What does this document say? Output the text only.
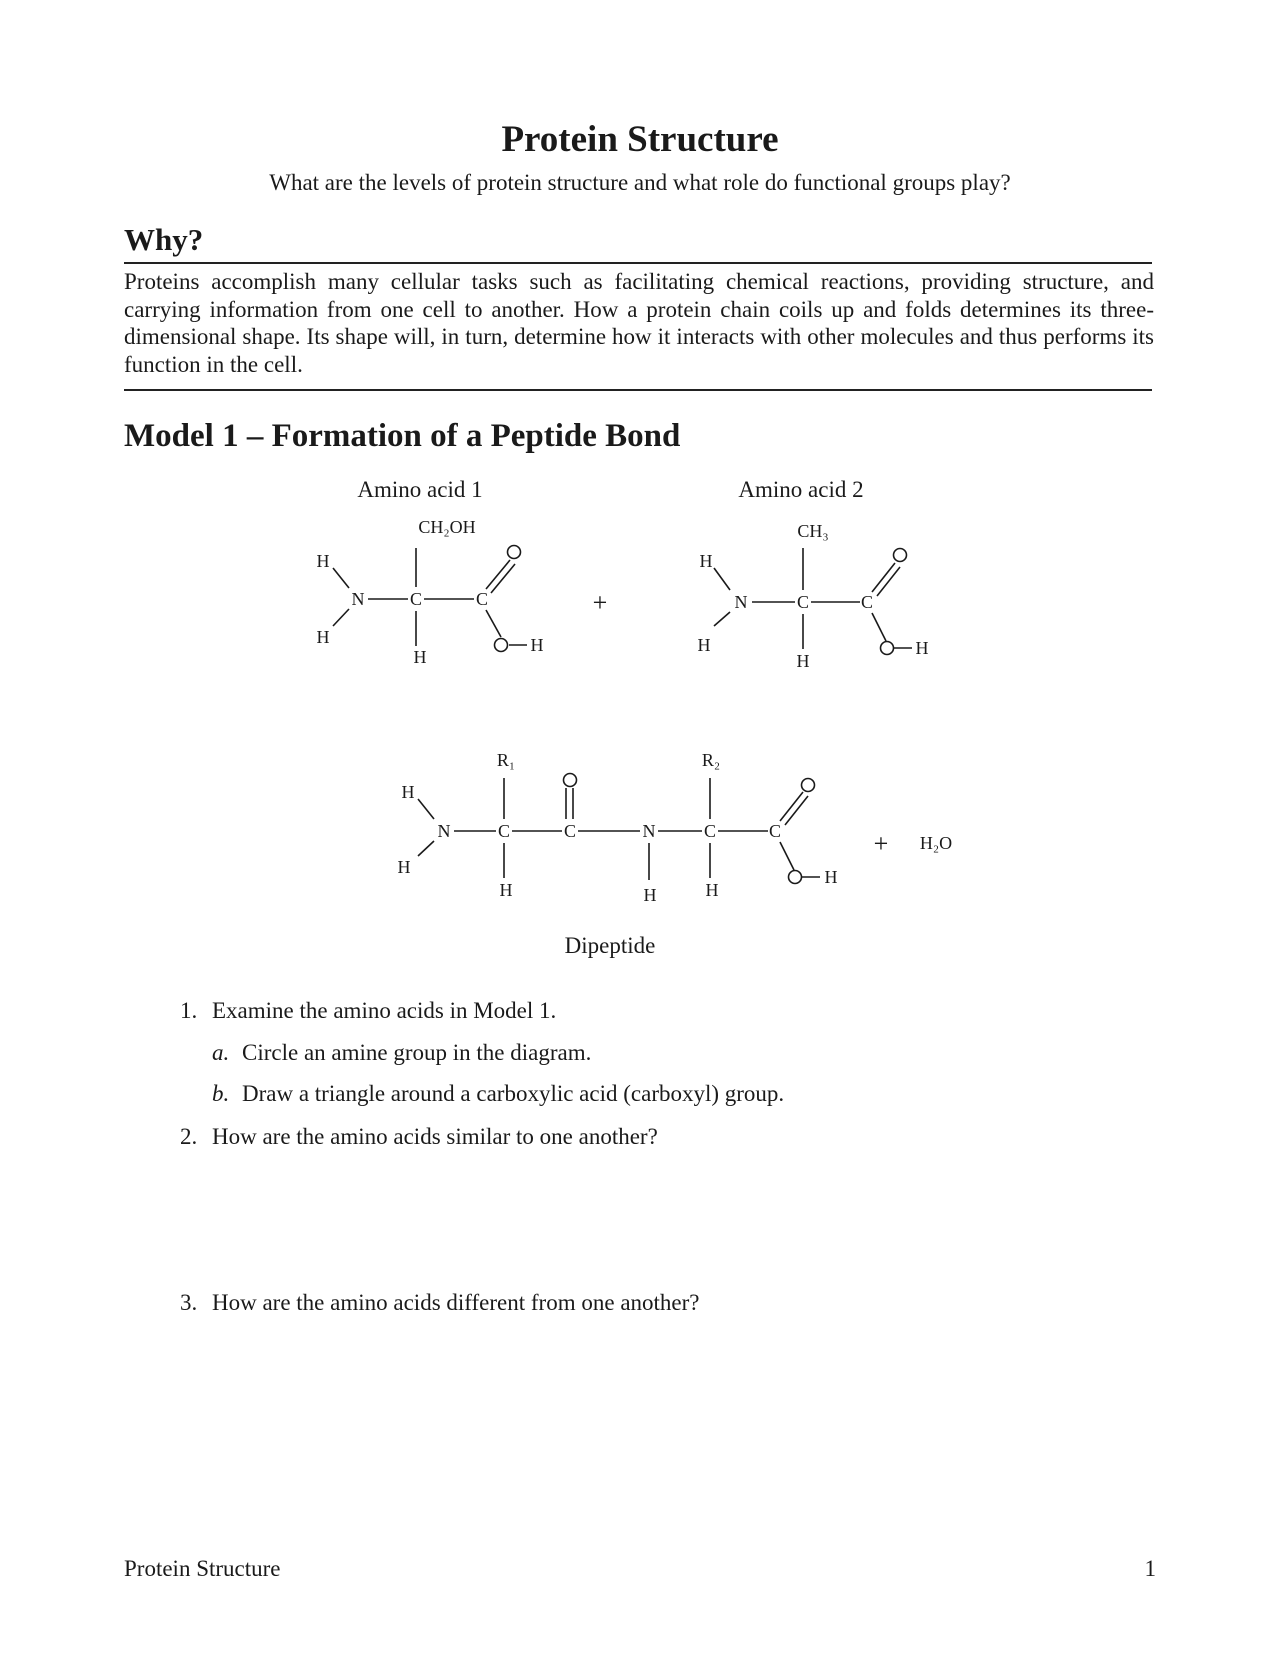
Protein Structure
What are the levels of protein structure and what role do functional groups play?
Why?
Proteins accomplish many cellular tasks such as facilitating chemical reactions, providing structure, and carrying information from one cell to another. How a protein chain coils up and folds determines its three-dimensional shape. Its shape will, in turn, determine how it interacts with other molecules and thus performs its function in the cell.
Model 1 – Formation of a Peptide Bond
Amino acid 1
CH₂OH
H
N	C	C
H
H
H
+
Amino acid 2
CH₃
H
N	C	C
H
H
H
R₁	R₂
H
N	C	C	N	C	C
H
H	H	H
H
+ H₂O
Dipeptide
1. Examine the amino acids in Model 1.
a. Circle an amine group in the diagram.
b. Draw a triangle around a carboxylic acid (carboxyl) group.
2. How are the amino acids similar to one another?
3. How are the amino acids different from one another?
Protein Structure	1
